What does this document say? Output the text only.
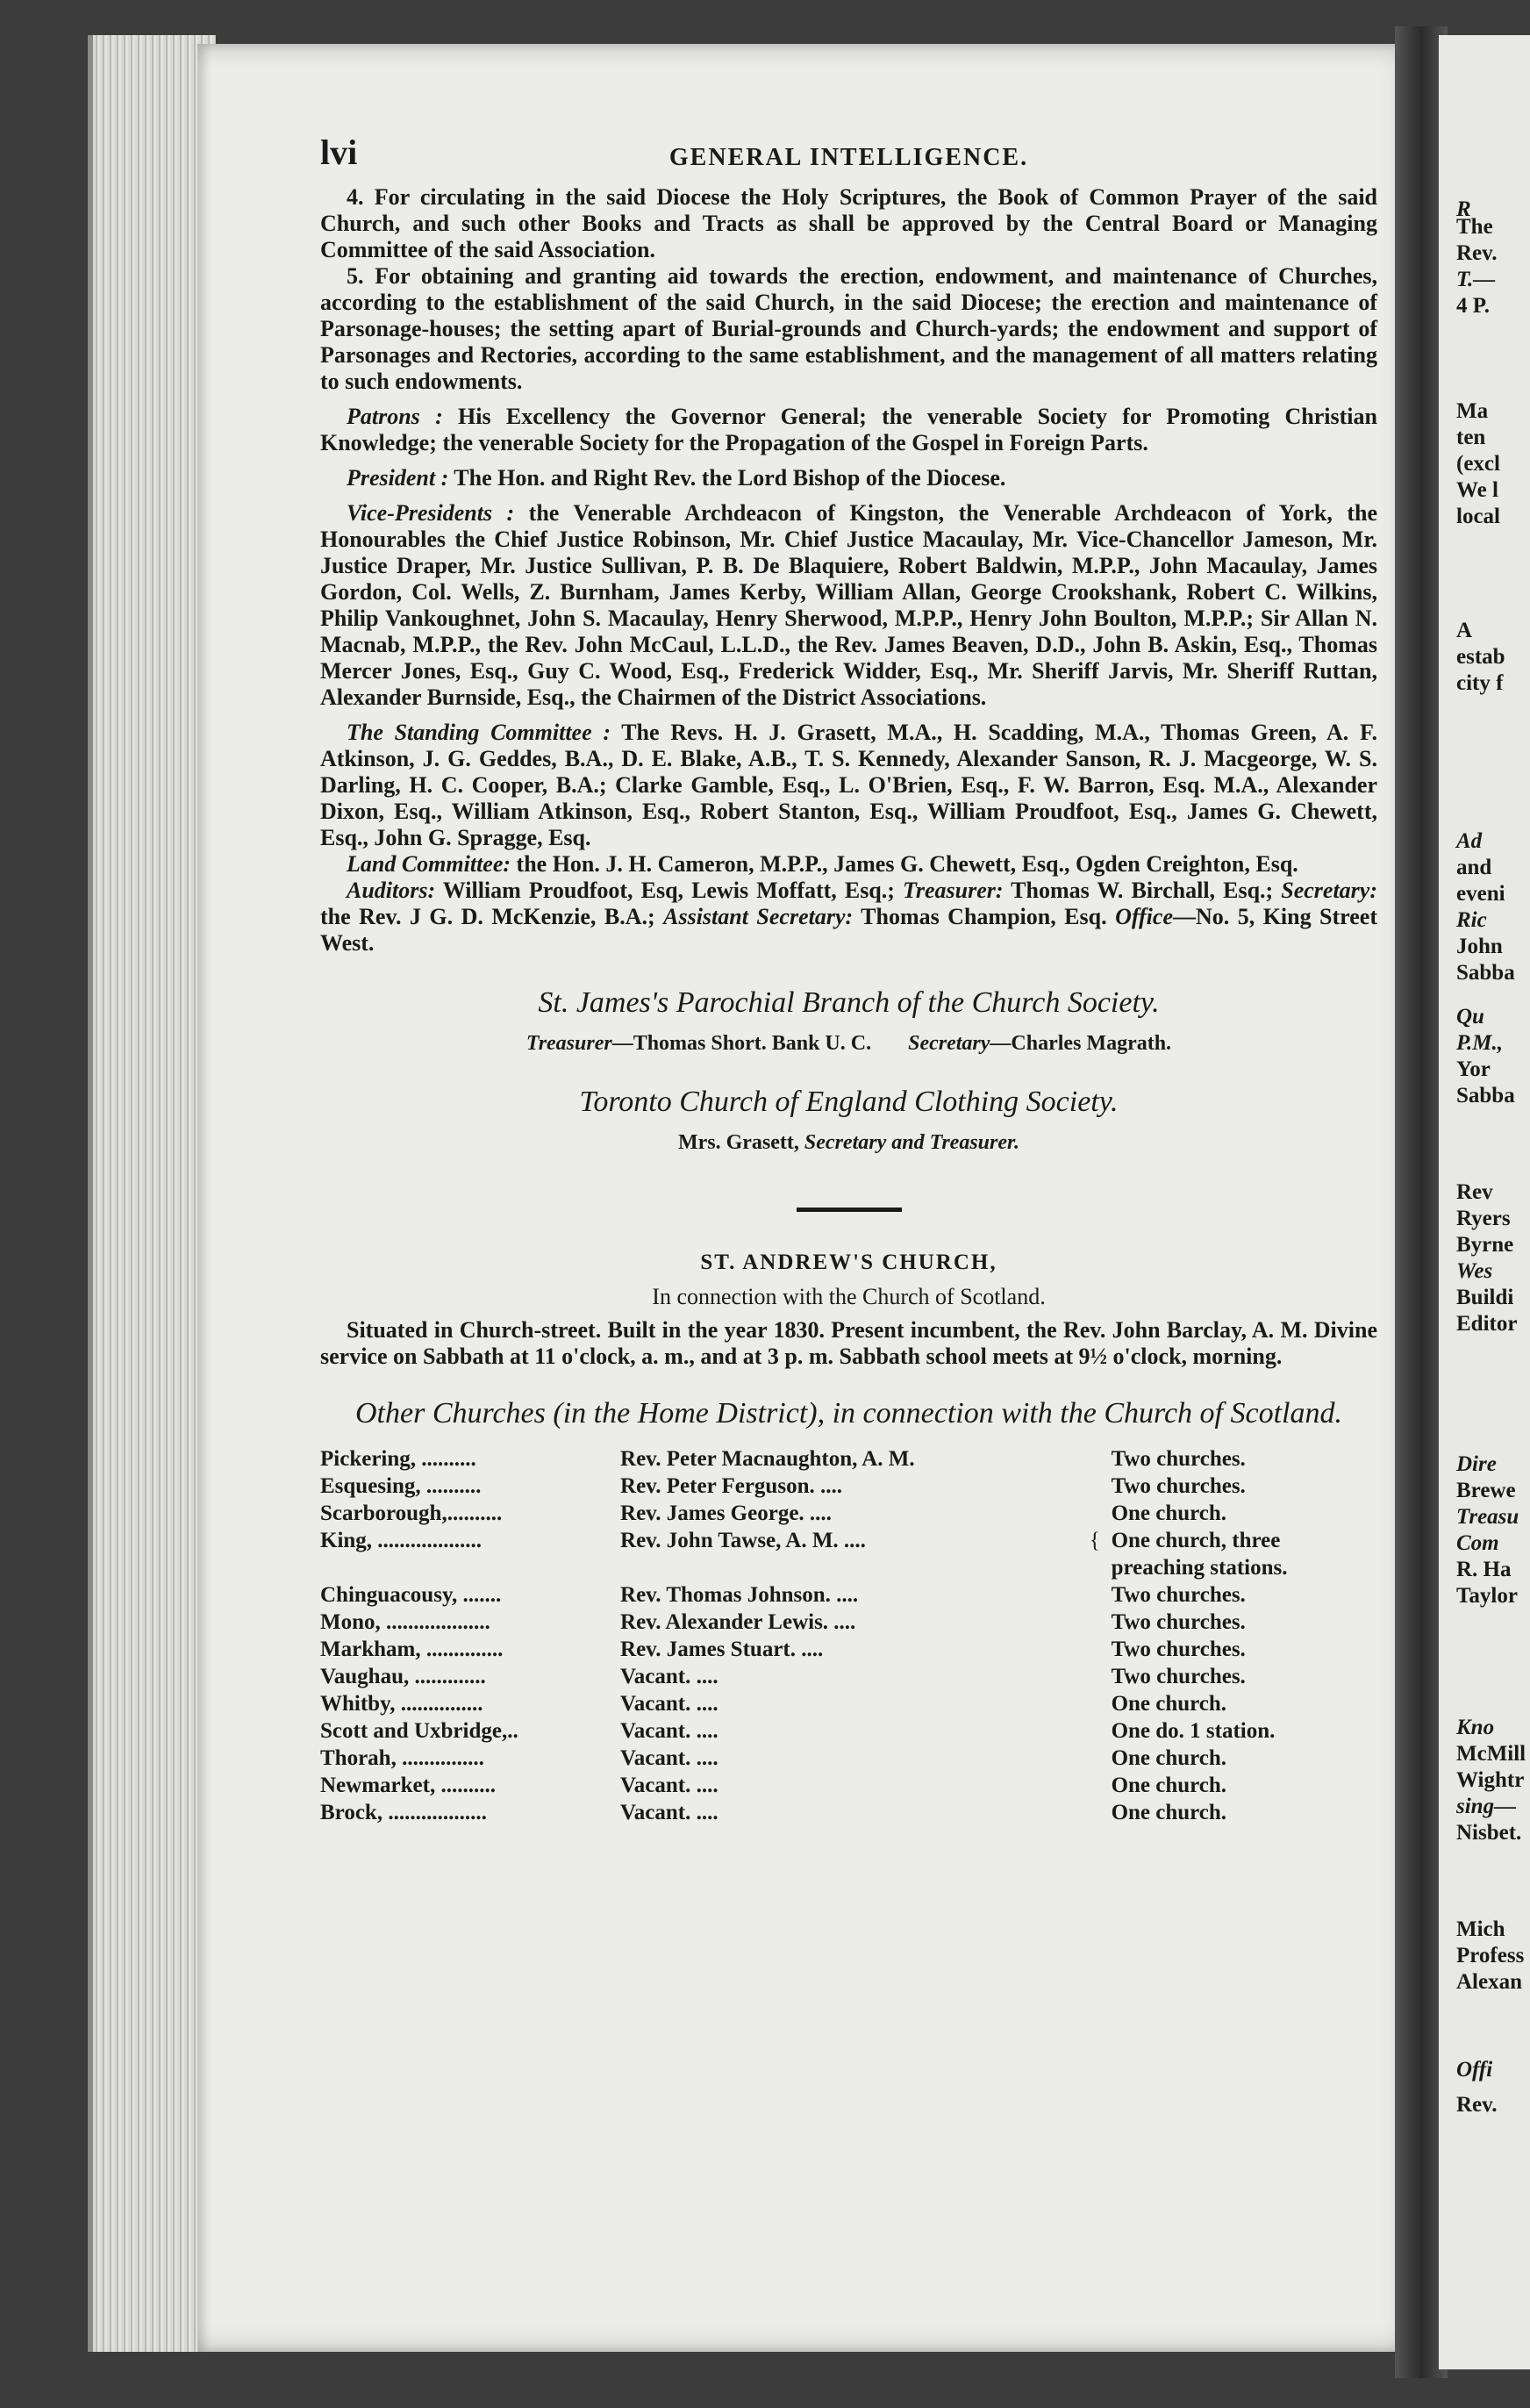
R
The
Rev.
T.—
4 P.
Ma
ten
(excl
We l
local
A
estab
city f
Ad
and
eveni
Ric
John
Sabba
Qu
P.M.,
Yor
Sabba
Rev
Ryers
Byrne
Wes
Buildi
Editor
Dire
Brewe
Treasu
Com
R. Ha
Taylor
Kno
McMill
Wightr
sing—
Nisbet.
Mich
Profess
Alexan
Offi
Rev.
lvi	GENERAL INTELLIGENCE.

4. For circulating in the said Diocese the Holy Scriptures, the Book of Common Prayer of the said Church, and such other Books and Tracts as shall be approved by the Central Board or Managing Committee of the said Association.

5. For obtaining and granting aid towards the erection, endowment, and maintenance of Churches, according to the establishment of the said Church, in the said Diocese; the erection and maintenance of Parsonage-houses; the setting apart of Burial-grounds and Church-yards; the endowment and support of Parsonages and Rectories, according to the same establishment, and the management of all matters relating to such endowments.

Patrons : His Excellency the Governor General; the venerable Society for Promoting Christian Knowledge; the venerable Society for the Propagation of the Gospel in Foreign Parts.

President : The Hon. and Right Rev. the Lord Bishop of the Diocese.

Vice-Presidents : the Venerable Archdeacon of Kingston, the Venerable Archdeacon of York, the Honourables the Chief Justice Robinson, Mr. Chief Justice Macaulay, Mr. Vice-Chancellor Jameson, Mr. Justice Draper, Mr. Justice Sullivan, P. B. De Blaquiere, Robert Baldwin, M.P.P., John Macaulay, James Gordon, Col. Wells, Z. Burnham, James Kerby, William Allan, George Crookshank, Robert C. Wilkins, Philip Vankoughnet, John S. Macaulay, Henry Sherwood, M.P.P., Henry John Boulton, M.P.P.; Sir Allan N. Macnab, M.P.P., the Rev. John McCaul, L.L.D., the Rev. James Beaven, D.D., John B. Askin, Esq., Thomas Mercer Jones, Esq., Guy C. Wood, Esq., Frederick Widder, Esq., Mr. Sheriff Jarvis, Mr. Sheriff Ruttan, Alexander Burnside, Esq., the Chairmen of the District Associations.

The Standing Committee : The Revs. H. J. Grasett, M.A., H. Scadding, M.A., Thomas Green, A. F. Atkinson, J. G. Geddes, B.A., D. E. Blake, A.B., T. S. Kennedy, Alexander Sanson, R. J. Macgeorge, W. S. Darling, H. C. Cooper, B.A.; Clarke Gamble, Esq., L. O'Brien, Esq., F. W. Barron, Esq. M.A., Alexander Dixon, Esq., William Atkinson, Esq., Robert Stanton, Esq., William Proudfoot, Esq., James G. Chewett, Esq., John G. Spragge, Esq.

Land Committee: the Hon. J. H. Cameron, M.P.P., James G. Chewett, Esq., Ogden Creighton, Esq.

Auditors: William Proudfoot, Esq, Lewis Moffatt, Esq.; Treasurer: Thomas W. Birchall, Esq.; Secretary: the Rev. J G. D. McKenzie, B.A.; Assistant Secretary: Thomas Champion, Esq. Office—No. 5, King Street West.

St. James's Parochial Branch of the Church Society.

Treasurer—Thomas Short. Bank U. C. Secretary—Charles Magrath.

Toronto Church of England Clothing Society.

Mrs. Grasett, Secretary and Treasurer.

ST. ANDREW'S CHURCH,

In connection with the Church of Scotland.

Situated in Church-street. Built in the year 1830. Present incumbent, the Rev. John Barclay, A. M. Divine service on Sabbath at 11 o'clock, a. m., and at 3 p. m. Sabbath school meets at 9½ o'clock, morning.

Other Churches (in the Home District), in connection with the Church of Scotland.
Pickering, ..........	Rev. Peter Macnaughton, A. M.		Two churches.
Esquesing, ..........	Rev. Peter Ferguson. ....		Two churches.
Scarborough,..........	Rev. James George. ....		One church.
King, ...................	Rev. John Tawse, A. M. ....	{	One church, three preaching stations.
Chinguacousy, .......	Rev. Thomas Johnson. ....		Two churches.
Mono, ...................	Rev. Alexander Lewis. ....		Two churches.
Markham, ..............	Rev. James Stuart. ....		Two churches.
Vaughau, .............	Vacant. ....		Two churches.
Whitby, ...............	Vacant. ....		One church.
Scott and Uxbridge,..	Vacant. ....		One do. 1 station.
Thorah, ...............	Vacant. ....		One church.
Newmarket, ..........	Vacant. ....		One church.
Brock, ..................	Vacant. ....		One church.
